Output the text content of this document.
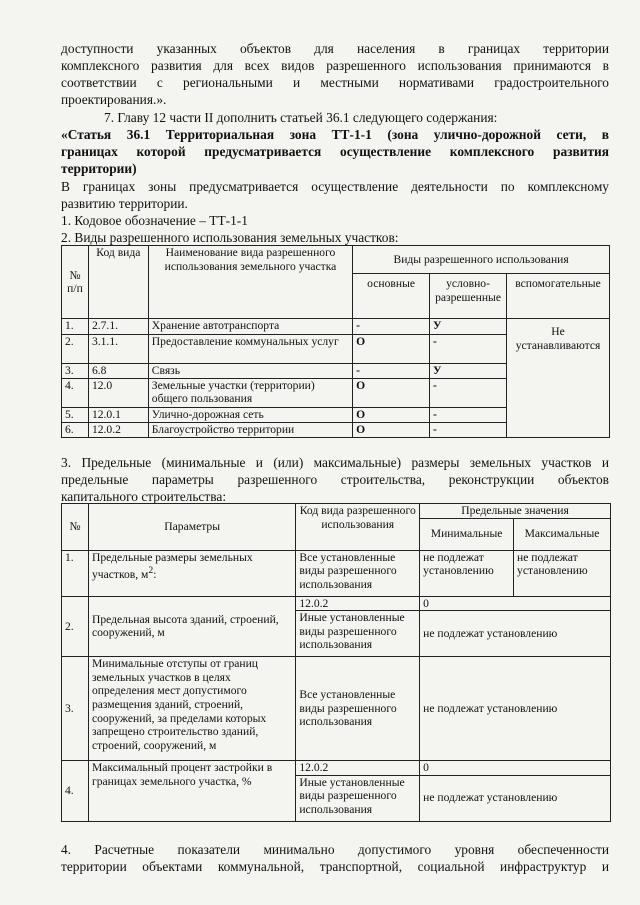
доступности указанных объектов для населения в границах территории
комплексного развития для всех видов разрешенного использования принимаются в
соответствии с региональными и местными нормативами градостроительного
проектирования.».
7. Главу 12 части II дополнить статьей 36.1 следующего содержания:
«Статья 36.1 Территориальная зона ТТ-1-1 (зона улично-дорожной сети, в
границах которой предусматривается осуществление комплексного развития
территории)
В границах зоны предусматривается осуществление деятельности по комплексному
развитию территории.
1. Кодовое обозначение – ТТ-1-1
2. Виды разрешенного использования земельных участков:
№ п/п	Код вида	Наименование вида разрешенного использования земельного участка	Виды разрешенного использования		
			основные	условно-разрешенные	вспомогательные
1.	2.7.1.	Хранение автотранспорта	-	У	Не устанавливаются
2.	3.1.1.	Предоставление коммунальных услуг	О	-	
3.	6.8	Связь	-	У	
4.	12.0	Земельные участки (территории) общего пользования	О	-	
5.	12.0.1	Улично-дорожная сеть	О	-	
6.	12.0.2	Благоустройство территории	О	-	
3. Предельные (минимальные и (или) максимальные) размеры земельных участков и
предельные параметры разрешенного строительства, реконструкции объектов
капитального строительства:
№	Параметры	Код вида разрешенного использования	Предельные значения	
			Минимальные	Максимальные
1.	Предельные размеры земельных участков, $м^2$:	Все установленные виды разрешенного использования	не подлежат установлению	не подлежат установлению
2.	Предельная высота зданий, строений, сооружений, м	12.0.2	0	
		Иные установленные виды разрешенного использования	не подлежат установлению	
3.	Минимальные отступы от границ земельных участков в целях определения мест допустимого размещения зданий, строений, сооружений, за пределами которых запрещено строительство зданий, строений, сооружений, м	Все установленные виды разрешенного использования	не подлежат установлению	
4.	Максимальный процент застройки в границах земельного участка, %	12.0.2	0	
		Иные установленные виды разрешенного использования	не подлежат установлению	
4. Расчетные показатели минимально допустимого уровня обеспеченности
территории объектами коммунальной, транспортной, социальной инфраструктур и
